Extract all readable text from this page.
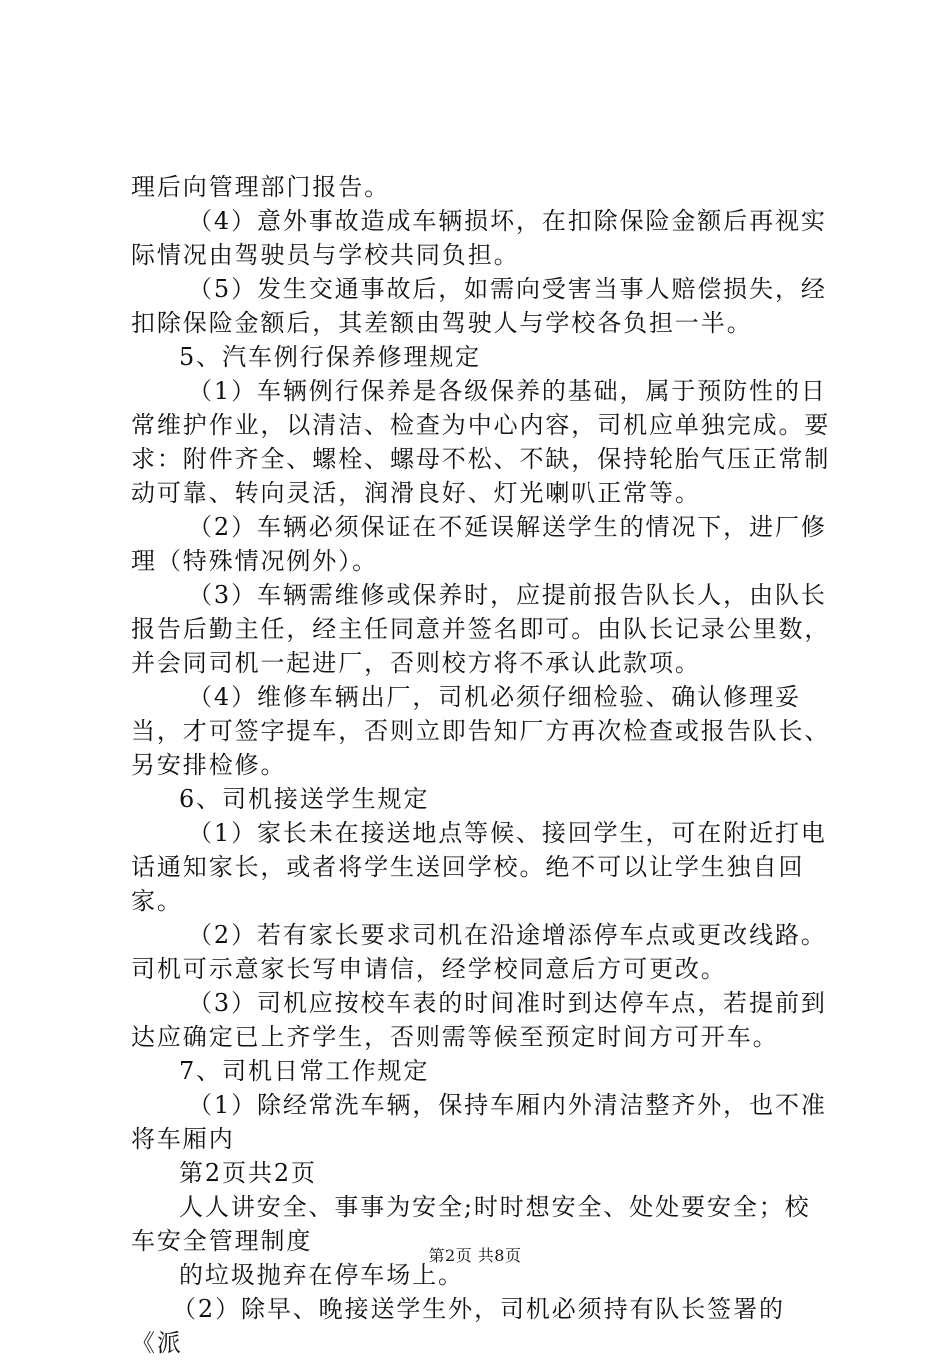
理后向管理部门报告。

（4）意外事故造成车辆损坏，在扣除保险金额后再视实际情况由驾驶员与学校共同负担。

（5）发生交通事故后，如需向受害当事人赔偿损失，经扣除保险金额后，其差额由驾驶人与学校各负担一半。

5、汽车例行保养修理规定

（1）车辆例行保养是各级保养的基础，属于预防性的日常维护作业，以清洁、检查为中心内容，司机应单独完成。要求：附件齐全、螺栓、螺母不松、不缺，保持轮胎气压正常制动可靠、转向灵活，润滑良好、灯光喇叭正常等。

（2）车辆必须保证在不延误解送学生的情况下，进厂修理（特殊情况例外）。

（3）车辆需维修或保养时，应提前报告队长人，由队长报告后勤主任，经主任同意并签名即可。由队长记录公里数，并会同司机一起进厂，否则校方将不承认此款项。

（4）维修车辆出厂，司机必须仔细检验、确认修理妥当，才可签字提车，否则立即告知厂方再次检查或报告队长、另安排检修。

6、司机接送学生规定

（1）家长未在接送地点等候、接回学生，可在附近打电话通知家长，或者将学生送回学校。绝不可以让学生独自回家。

（2）若有家长要求司机在沿途增添停车点或更改线路。司机可示意家长写申请信，经学校同意后方可更改。

（3）司机应按校车表的时间准时到达停车点，若提前到达应确定已上齐学生，否则需等候至预定时间方可开车。

7、司机日常工作规定

（1）除经常洗车辆，保持车厢内外清洁整齐外，也不准将车厢内

第2页共2页

人人讲安全、事事为安全;时时想安全、处处要安全；校车安全管理制度

的垃圾抛弃在停车场上。

（2）除早、晚接送学生外，司机必须持有队长签署的《派

第2页 共8页
